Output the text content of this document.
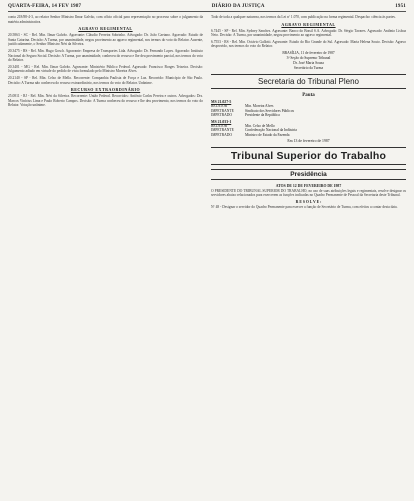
QUARTA-FEIRA, 14 FEV 1987	DIÁRIO DA JUSTIÇA	1951

conta 218/88-4-3, ao relator Senhor Ministro Ilmar Galvão, com ofício oficial para representação no processo sobre o julgamento da matéria administrativa.

AGRAVO REGIMENTAL

20.5863 - SC - Rel. Min. Ilmar Galvão. Agravante: Cláudio Ferreira Sobrinho. Advogado: Dr. João Caetano. Agravado: Estado de Santa Catarina. Decisão: A Turma, por unanimidade, negou provimento ao agravo regimental, nos termos do voto do Relator. Ausente, justificadamente, o Senhor Ministro Néri da Silveira.

20.3475 - RS - Rel. Min. Hugo Gosch. Agravante: Empresa de Transportes Ltda. Advogado: Dr. Fernando Lopes. Agravado: Instituto Nacional do Seguro Social. Decisão: A Turma, por unanimidade, conheceu do recurso e lhe deu provimento parcial, nos termos do voto do Relator.

20.3401 - MG - Rel. Min. Ilmar Galvão. Agravante: Ministério Público Federal. Agravado: Francisco Borges Teixeira. Decisão: Julgamento adiado em virtude do pedido de vista formulado pelo Ministro Moreira Alves.

20.2140 - SP - Rel. Min. Celso de Mello. Recorrente: Companhia Paulista de Força e Luz. Recorrido: Município de São Paulo. Decisão: A Turma não conheceu do recurso extraordinário, nos termos do voto do Relator. Unânime.

RECURSO EXTRAORDINÁRIO

25.0811 - RJ - Rel. Min. Néri da Silveira. Recorrente: União Federal. Recorridos: Antônio Carlos Pereira e outros. Advogados: Drs. Marcos Vinícius Lima e Paulo Roberto Campos. Decisão: A Turma conheceu do recurso e lhe deu provimento, nos termos do voto do Relator. Votação unânime.

Todo de toda a qualquer natureza, nos termos da Lei nº 1.070, com publicação na forma regimental. Despacho: ciência às partes.

AGRAVO REGIMENTAL

6.7445 - SP - Rel. Min. Sydney Sanches. Agravante: Banco do Brasil S.A. Advogado: Dr. Sérgio Tavares. Agravado: Antônio Lisboa Neto. Decisão: A Turma, por unanimidade, negou provimento ao agravo regimental.

6.7553 - RS - Rel. Min. Octávio Gallotti. Agravante: Estado do Rio Grande do Sul. Agravado: Maria Helena Souto. Decisão: Agravo desprovido, nos termos do voto do Relator.

BRASÍLIA, 11 de fevereiro de 1987
3ª Seção do Supremo Tribunal
Dr. José Maria Souza
Secretário da Turma
Secretaria do Tribunal Pleno
Pauta
MS 21.027-5
RELATOR	Min. Moreira Alves
IMPETRANTE	Sindicato dos Servidores Públicos
IMPETRADO	Presidente da República
MS 21.033-1
RELATOR	Min. Celso de Mello
IMPETRANTE	Confederação Nacional da Indústria
IMPETRADO	Ministro de Estado da Fazenda
Em 13 de fevereiro de 1987
Tribunal Superior do Trabalho
Presidência
ATOS DE 12 DE FEVEREIRO DE 1987

O PRESIDENTE DO TRIBUNAL SUPERIOR DO TRABALHO, no uso de suas atribuições legais e regimentais, resolve designar os servidores abaixo relacionados para exercerem as funções indicadas no Quadro Permanente de Pessoal da Secretaria deste Tribunal.

R E S O L V E :

Nº 48 - Designar o servidor do Quadro Permanente para exercer a função de Secretário de Turma, com efeitos a contar desta data.
